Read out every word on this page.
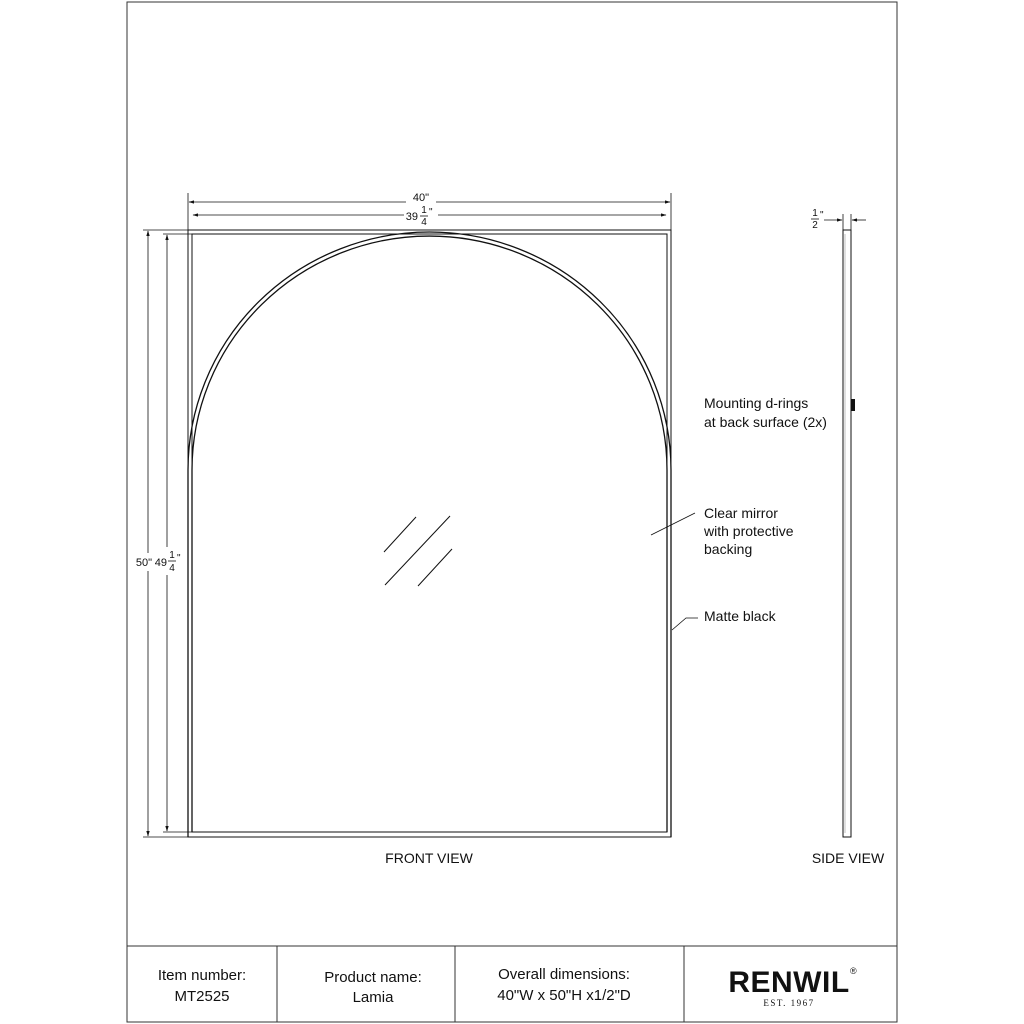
40"
39
1
4
"
50" 49
1
4
"
FRONT VIEW
Clear mirror
with protective
backing
Matte black
1
2
"
SIDE VIEW
Mounting d-rings
at back surface (2x)
Item number:
MT2525
Product name:
Lamia
Overall dimensions:
40"W x 50"H x1/2"D	RENWIL ®
EST. 1967
